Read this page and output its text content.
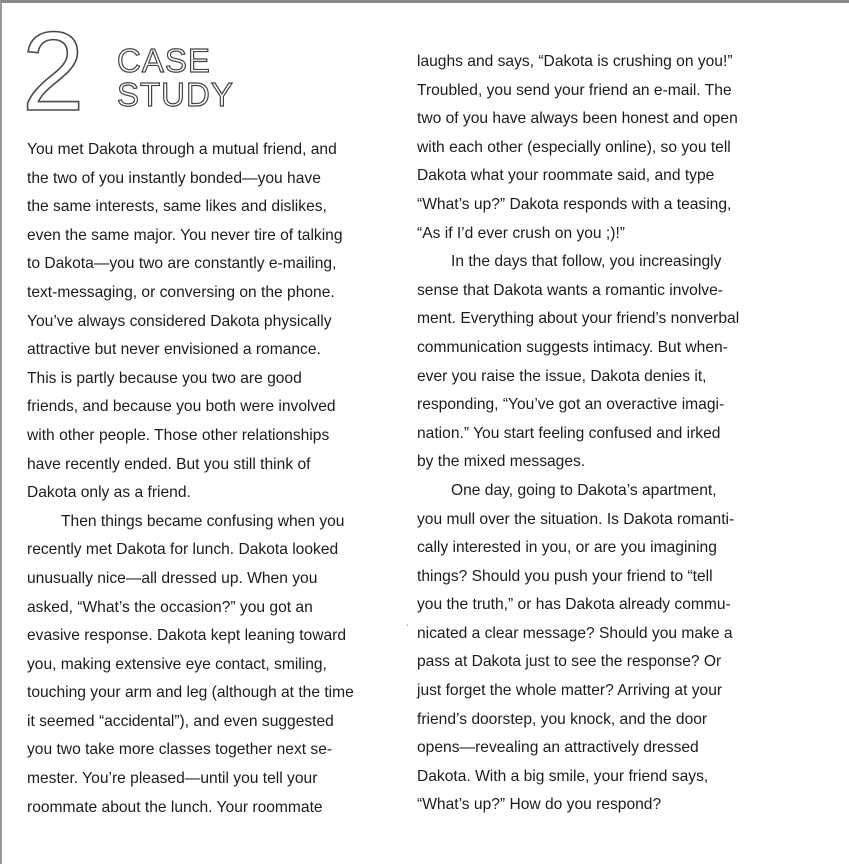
2 CASE
STUDY

You met Dakota through a mutual friend, and
the two of you instantly bonded—you have
the same interests, same likes and dislikes,
even the same major. You never tire of talking
to Dakota—you two are constantly e-mailing,
text-messaging, or conversing on the phone.
You’ve always considered Dakota physically
attractive but never envisioned a romance.
This is partly because you two are good
friends, and because you both were involved
with other people. Those other relationships
have recently ended. But you still think of
Dakota only as a friend.

Then things became confusing when you
recently met Dakota for lunch. Dakota looked
unusually nice—all dressed up. When you
asked, “What’s the occasion?” you got an
evasive response. Dakota kept leaning toward
you, making extensive eye contact, smiling,
touching your arm and leg (although at the time
it seemed “accidental”), and even suggested
you two take more classes together next se-
mester. You’re pleased—until you tell your
roommate about the lunch. Your roommate

laughs and says, “Dakota is crushing on you!”
Troubled, you send your friend an e-mail. The
two of you have always been honest and open
with each other (especially online), so you tell
Dakota what your roommate said, and type
“What’s up?” Dakota responds with a teasing,
“As if I’d ever crush on you ;)!”

In the days that follow, you increasingly
sense that Dakota wants a romantic involve-
ment. Everything about your friend’s nonverbal
communication suggests intimacy. But when-
ever you raise the issue, Dakota denies it,
responding, “You’ve got an overactive imagi-
nation.” You start feeling confused and irked
by the mixed messages.

One day, going to Dakota’s apartment,
you mull over the situation. Is Dakota romanti-
cally interested in you, or are you imagining
things? Should you push your friend to “tell
you the truth,” or has Dakota already commu-
nicated a clear message? Should you make a
pass at Dakota just to see the response? Or
just forget the whole matter? Arriving at your
friend’s doorstep, you knock, and the door
opens—revealing an attractively dressed
Dakota. With a big smile, your friend says,
“What’s up?” How do you respond?

´
